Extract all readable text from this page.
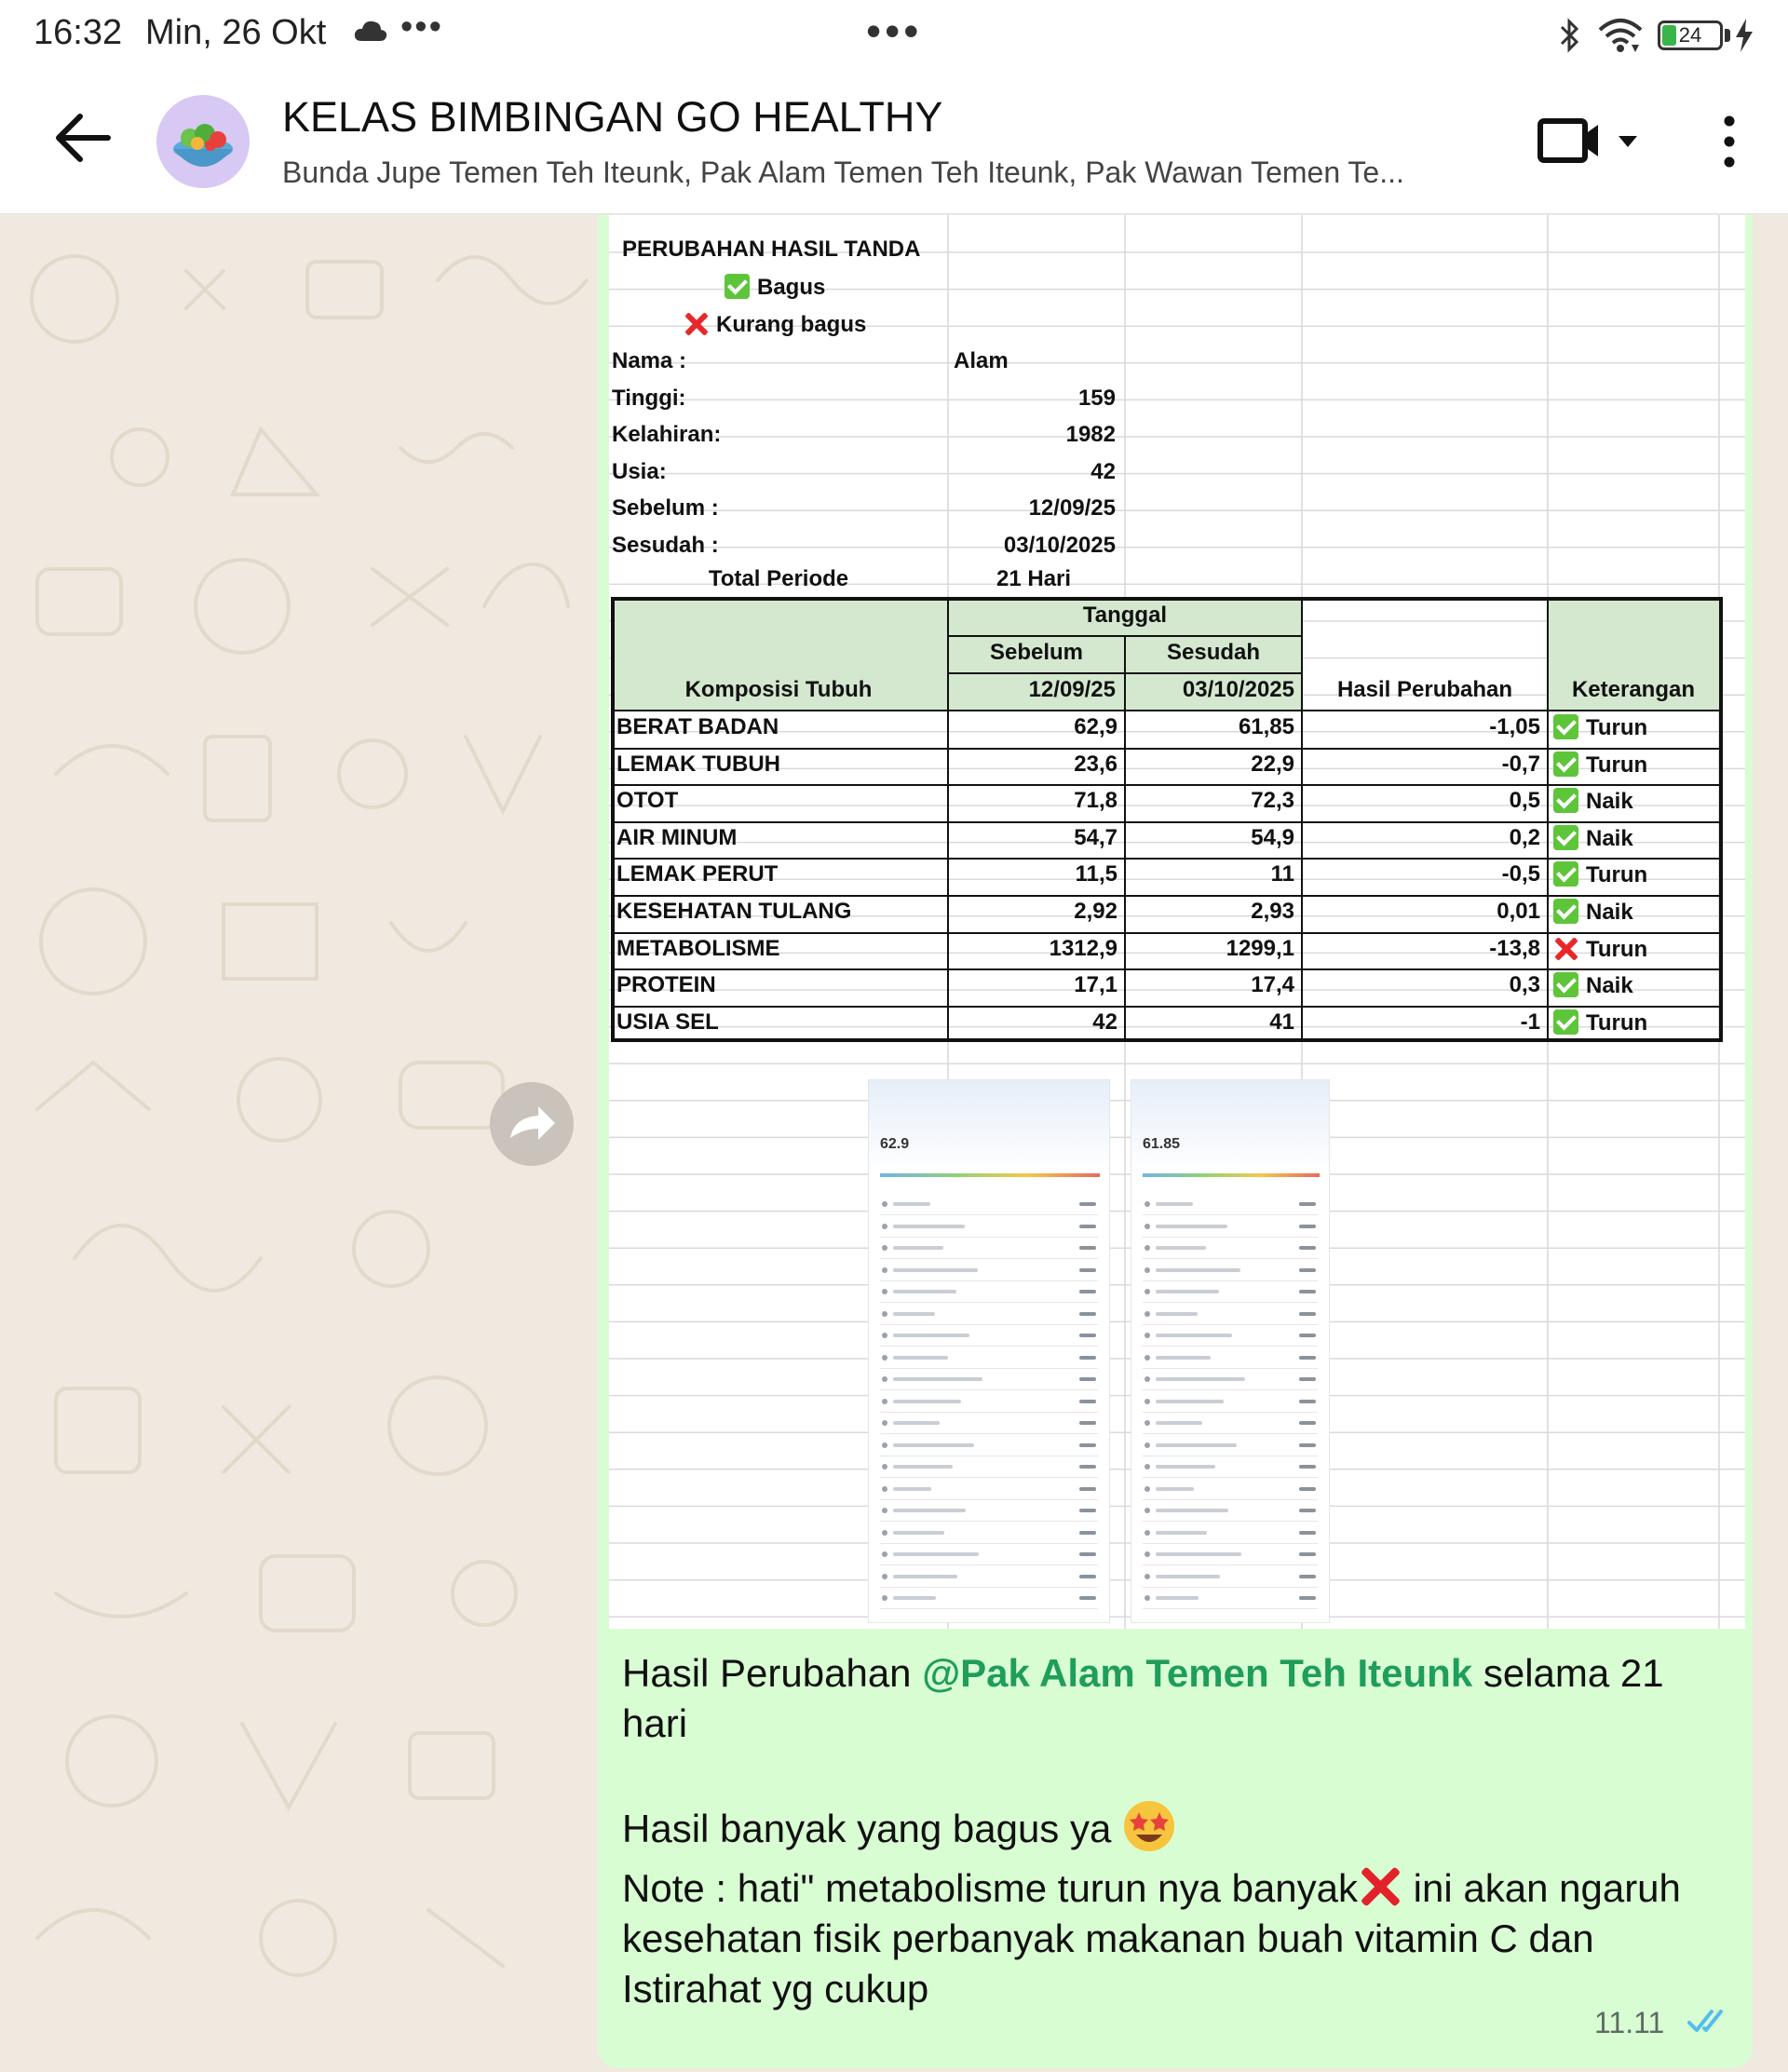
16:32 Min, 26 Okt •••	•••	24
KELAS BIMBINGAN GO HEALTHY
Bunda Jupe Temen Teh Iteunk, Pak Alam Temen Teh Iteunk, Pak Wawan Temen Te...
PERUBAHAN HASIL TANDA
Bagus
Kurang bagus
Nama :	Alam
Tinggi:	159
Kelahiran:	1982
Usia:	42
Sebelum :	12/09/25
Sesudah :	03/10/2025
Total Periode	21 Hari
Tanggal
Sebelum	Sesudah
Komposisi Tubuh	12/09/25	03/10/2025	Hasil Perubahan	Keterangan
BERAT BADAN	62,9	61,85	-1,05	Turun
LEMAK TUBUH	23,6	22,9	-0,7	Turun
OTOT	71,8	72,3	0,5	Naik
AIR MINUM	54,7	54,9	0,2	Naik
LEMAK PERUT	11,5	11	-0,5	Turun
KESEHATAN TULANG	2,92	2,93	0,01	Naik
METABOLISME	1312,9	1299,1	-13,8	Turun
PROTEIN	17,1	17,4	0,3	Naik
USIA SEL	42	41	-1	Turun
62.9	61.85

Hasil Perubahan @Pak Alam Temen Teh Iteunk selama 21 hari

Hasil banyak yang bagus ya

Note : hati" metabolisme turun nya banyak ini akan ngaruh kesehatan fisik perbanyak makanan buah vitamin C dan Istirahat yg cukup

11.11
